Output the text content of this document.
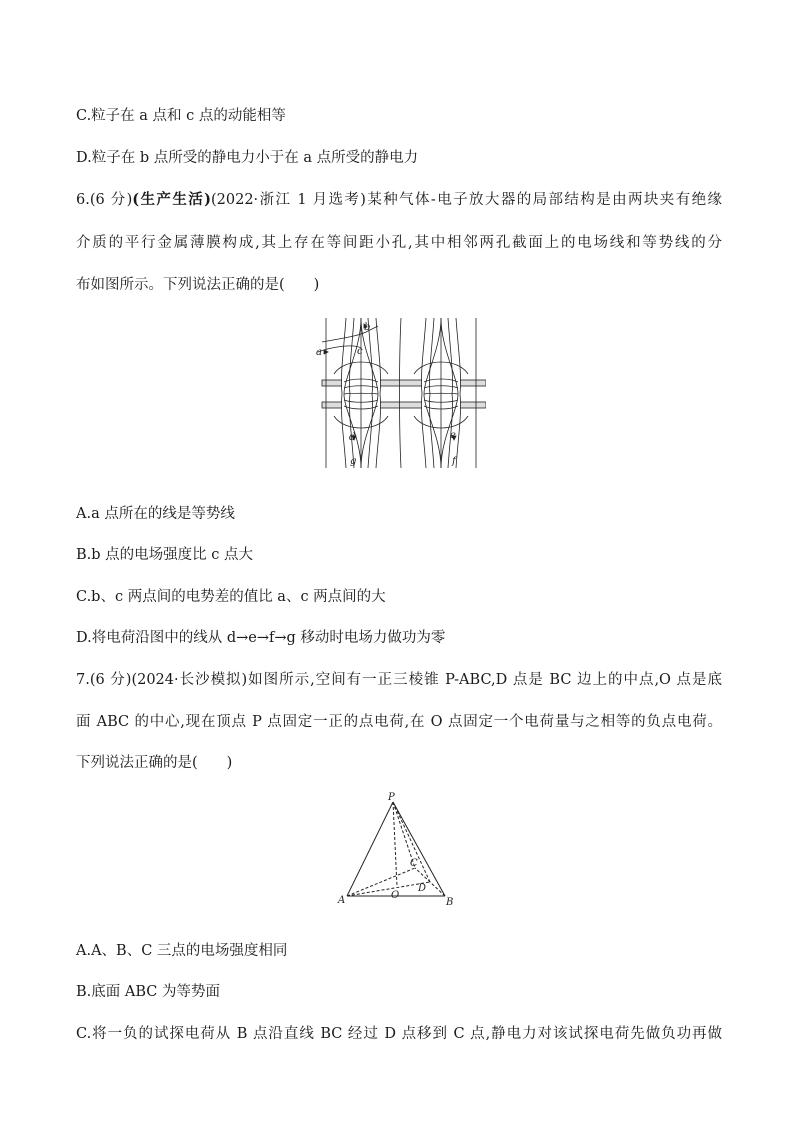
C.粒子在 a 点和 c 点的动能相等
D.粒子在 b 点所受的静电力小于在 a 点所受的静电力
6.(6 分)(生产生活)(2022·浙江 1 月选考)某种气体-电子放大器的局部结构是由两块夹有绝缘
介质的平行金属薄膜构成,其上存在等间距小孔,其中相邻两孔截面上的电场线和等势线的分
布如图所示。下列说法正确的是(　　)
a
b
c
d	e
f
g
A.a 点所在的线是等势线
B.b 点的电场强度比 c 点大
C.b、c 两点间的电势差的值比 a、c 两点间的大
D.将电荷沿图中的线从 d→e→f→g 移动时电场力做功为零
7.(6 分)(2024·长沙模拟)如图所示,空间有一正三棱锥 P-ABC,D 点是 BC 边上的中点,O 点是底
面 ABC 的中心,现在顶点 P 点固定一正的点电荷,在 O 点固定一个电荷量与之相等的负点电荷。
下列说法正确的是(　　)
P
A	B
C
D
O
A.A、B、C 三点的电场强度相同
B.底面 ABC 为等势面
C.将一负的试探电荷从 B 点沿直线 BC 经过 D 点移到 C 点,静电力对该试探电荷先做负功再做
